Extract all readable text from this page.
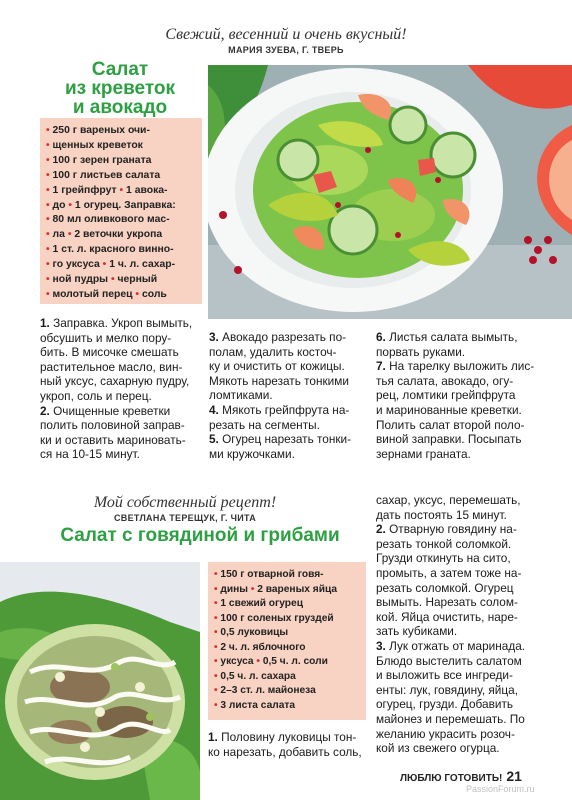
Свежий, весенний и очень вкусный!
МАРИЯ ЗУЕВА, Г. ТВЕРЬ
Салат
из креветок
и авокадо
• 250 г вареных очи-
• щенных креветок
• 100 г зерен граната
• 100 г листьев салата
• 1 грейпфрут • 1 авока-
• до • 1 огурец. Заправка:
• 80 мл оливкового мас-
• ла • 2 веточки укропа
• 1 ст. л. красного винно-
• го уксуса • 1 ч. л. сахар-
• ной пудры • черный
• молотый перец • соль
1. Заправка. Укроп вымыть,
обсушить и мелко пору-
бить. В мисочке смешать
растительное масло, вин-
ный уксус, сахарную пудру,
укроп, соль и перец.
2. Очищенные креветки
полить половиной заправ-
ки и оставить мариновать-
ся на 10-15 минут.
3. Авокадо разрезать по-
полам, удалить косточ-
ку и очистить от кожицы.
Мякоть нарезать тонкими
ломтиками.
4. Мякоть грейпфрута на-
резать на сегменты.
5. Огурец нарезать тонки-
ми кружочками.
6. Листья салата вымыть,
порвать руками.
7. На тарелку выложить лис-
тья салата, авокадо, огу-
рец, ломтики грейпфрута
и маринованные креветки.
Полить салат второй поло-
виной заправки. Посыпать
зернами граната.
Мой собственный рецепт!
СВЕТЛАНА ТЕРЕЩУК, Г. ЧИТА
Салат с говядиной и грибами
• 150 г отварной говя-
• дины • 2 вареных яйца
• 1 свежий огурец
• 100 г соленых груздей
• 0,5 луковицы
• 2 ч. л. яблочного
• уксуса • 0,5 ч. л. соли
• 0,5 ч. л. сахара
• 2–3 ст. л. майонеза
• 3 листа салата
1. Половину луковицы тон-
ко нарезать, добавить соль,
сахар, уксус, перемешать,
дать постоять 15 минут.
2. Отварную говядину на-
резать тонкой соломкой.
Грузди откинуть на сито,
промыть, а затем тоже на-
резать соломкой. Огурец
вымыть. Нарезать солом-
кой. Яйца очистить, наре-
зать кубиками.
3. Лук отжать от маринада.
Блюдо выстелить салатом
и выложить все ингреди-
енты: лук, говядину, яйца,
огурец, грузди. Добавить
майонез и перемешать. По
желанию украсить розоч-
кой из свежего огурца.
ЛЮБЛЮ ГОТОВИТЬ! 21
PassionForum.ru
